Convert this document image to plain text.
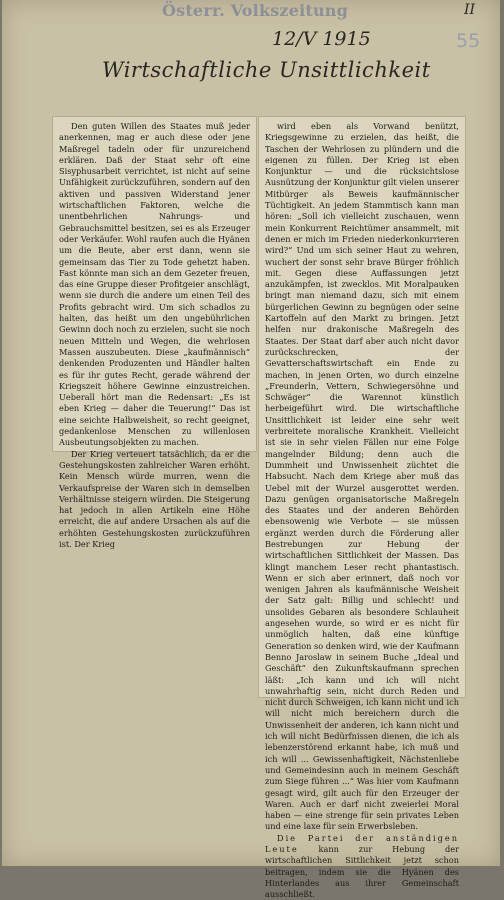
Österr. Volkszeitung	II
55
12/V 1915
Wirtschaftliche Unsittlichkeit

Den guten Willen des Staates muß jeder anerkennen, mag er auch diese oder jene Maßregel tadeln oder für unzureichend erklären. Daß der Staat sehr oft eine Sisyphusarbeit verrichtet, ist nicht auf seine Unfähigkeit zurückzuführen, sondern auf den aktiven und passiven Widerstand jener wirtschaftlichen Faktoren, welche die unentbehrlichen Nahrungs- und Gebrauchsmittel besitzen, sei es als Erzeuger oder Verkäufer. Wohl raufen auch die Hyänen um die Beute, aber erst dann, wenn sie gemeinsam das Tier zu Tode gehetzt haben. Fast könnte man sich an dem Gezeter freuen, das eine Gruppe dieser Profitgeier anschlägt, wenn sie durch die andere um einen Teil des Profits gebracht wird. Um sich schadlos zu halten, das heißt um den ungebührlichen Gewinn doch noch zu erzielen, sucht sie noch neuen Mitteln und Wegen, die wehrlosen Massen auszubeuten. Diese „kaufmännisch“ denkenden Produzenten und Händler halten es für ihr gutes Recht, gerade während der Kriegszeit höhere Gewinne einzustreichen. Ueberall hört man die Redensart: „Es ist eben Krieg — daher die Teuerung!“ Das ist eine seichte Halbweisheit, so recht geeignet, gedankenlose Menschen zu willenlosen Ausbeutungsobjekten zu machen.

Der Krieg verteuert tatsächlich, da er die Gestehungskosten zahlreicher Waren erhöht. Kein Mensch würde murren, wenn die Verkaufspreise der Waren sich in demselben Verhältnisse steigern würden. Die Steigerung hat jedoch in allen Artikeln eine Höhe erreicht, die auf andere Ursachen als auf die erhöhten Gestehungskosten zurückzuführen ist. Der Krieg

wird eben als Vorwand benützt, Kriegsgewinne zu erzielen, das heißt, die Taschen der Wehrlosen zu plündern und die eigenen zu füllen. Der Krieg ist eben Konjunktur — und die rücksichtslose Ausnützung der Konjunktur gilt vielen unserer Mitbürger als Beweis kaufmännischer Tüchtigkeit. An jedem Stammtisch kann man hören: „Soll ich vielleicht zuschauen, wenn mein Konkurrent Reichtümer ansammelt, mit denen er mich im Frieden niederkonkurrieren wird?“ Und um sich seiner Haut zu wehren, wuchert der sonst sehr brave Bürger fröhlich mit. Gegen diese Auffassungen jetzt anzukämpfen, ist zwecklos. Mit Moralpauken bringt man niemand dazu, sich mit einem bürgerlichen Gewinn zu begnügen oder seine Kartoffeln auf den Markt zu bringen. Jetzt helfen nur drakonische Maßregeln des Staates. Der Staat darf aber auch nicht davor zurückschrecken, der Gevatterschaftswirtschaft ein Ende zu machen, in jenen Orten, wo durch einzelne „Freunderln, Vettern, Schwiegersöhne und Schwäger“ die Warennot künstlich herbeigeführt wird. Die wirtschaftliche Unsittlichkeit ist leider eine sehr weit verbreitete moralische Krankheit. Vielleicht ist sie in sehr vielen Fällen nur eine Folge mangelnder Bildung; denn auch die Dummheit und Unwissenheit züchtet die Habsucht. Nach dem Kriege aber muß das Uebel mit der Wurzel ausgerottet werden. Dazu genügen organisatorische Maßregeln des Staates und der anderen Behörden ebensowenig wie Verbote — sie müssen ergänzt werden durch die Förderung aller Bestrebungen zur Hebung der wirtschaftlichen Sittlichkeit der Massen. Das klingt manchem Leser recht phantastisch. Wenn er sich aber erinnert, daß noch vor wenigen Jahren als kaufmännische Weisheit der Satz galt: Billig und schlecht! und unsolides Gebaren als besondere Schlauheit angesehen wurde, so wird er es nicht für unmöglich halten, daß eine künftige Generation so denken wird, wie der Kaufmann Benno Jaroslaw in seinem Buche „Ideal und Geschäft“ den Zukunftskaufmann sprechen läßt: „Ich kann und ich will nicht unwahrhaftig sein, nicht durch Reden und nicht durch Schweigen, ich kann nicht und ich will nicht mich bereichern durch die Unwissenheit der anderen, ich kann nicht und ich will nicht Bedürfnissen dienen, die ich als lebenzerstörend erkannt habe, ich muß und ich will ... Gewissenhaftigkeit, Nächstenliebe und Gemeindesinn auch in meinem Geschäft zum Siege führen ...“ Was hier vom Kaufmann gesagt wird, gilt auch für den Erzeuger der Waren. Auch er darf nicht zweierlei Moral haben — eine strenge für sein privates Leben und eine laxe für sein Erwerbsleben.

Die Partei der anständigen Leute kann zur Hebung der wirtschaftlichen Sittlichkeit jetzt schon beitragen, indem sie die Hyänen des Hinterlandes aus ihrer Gemeinschaft ausschließt.
